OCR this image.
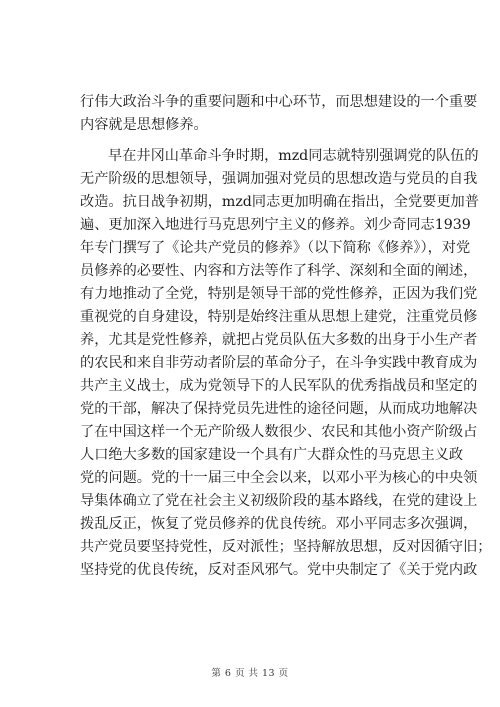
行伟大政治斗争的重要问题和中心环节，而思想建设的一个重要
内容就是思想修养。
早在井冈山革命斗争时期，mzd同志就特别强调党的队伍的
无产阶级的思想领导，强调加强对党员的思想改造与党员的自我
改造。抗日战争初期，mzd同志更加明确在指出，全党要更加普
遍、更加深入地进行马克思列宁主义的修养。刘少奇同志1939
年专门撰写了《论共产党员的修养》（以下简称《修养》），对党
员修养的必要性、内容和方法等作了科学、深刻和全面的阐述，
有力地推动了全党，特别是领导干部的党性修养，正因为我们党
重视党的自身建设，特别是始终注重从思想上建党，注重党员修
养，尤其是党性修养，就把占党员队伍大多数的出身于小生产者
的农民和来自非劳动者阶层的革命分子，在斗争实践中教育成为
共产主义战士，成为党领导下的人民军队的优秀指战员和坚定的
党的干部，解决了保持党员先进性的途径问题，从而成功地解决
了在中国这样一个无产阶级人数很少、农民和其他小资产阶级占
人口绝大多数的国家建设一个具有广大群众性的马克思主义政
党的问题。党的十一届三中全会以来，以邓小平为核心的中央领
导集体确立了党在社会主义初级阶段的基本路线，在党的建设上
拨乱反正，恢复了党员修养的优良传统。邓小平同志多次强调，
共产党员要坚持党性，反对派性；坚持解放思想，反对因循守旧；
坚持党的优良传统，反对歪风邪气。党中央制定了《关于党内政
第 6 页 共 13 页
